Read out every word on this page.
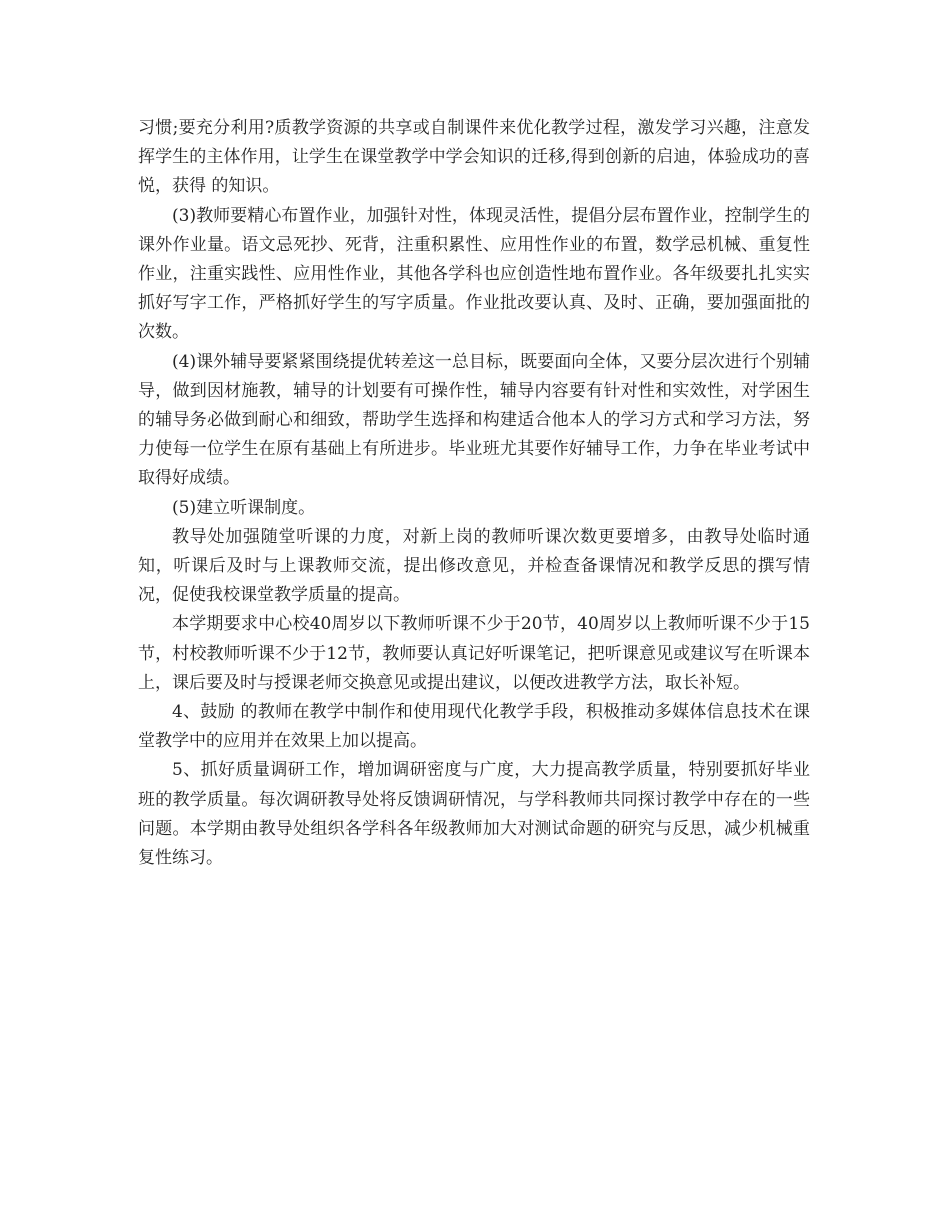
习惯;要充分利用?质教学资源的共享或自制课件来优化教学过程，激发学习兴趣，注意发挥学生的主体作用，让学生在课堂教学中学会知识的迁移,得到创新的启迪，体验成功的喜悦，获得 的知识。

(3)教师要精心布置作业，加强针对性，体现灵活性，提倡分层布置作业，控制学生的课外作业量。语文忌死抄、死背，注重积累性、应用性作业的布置，数学忌机械、重复性作业，注重实践性、应用性作业，其他各学科也应创造性地布置作业。各年级要扎扎实实抓好写字工作，严格抓好学生的写字质量。作业批改要认真、及时、正确，要加强面批的次数。

(4)课外辅导要紧紧围绕提优转差这一总目标，既要面向全体，又要分层次进行个别辅导，做到因材施教，辅导的计划要有可操作性，辅导内容要有针对性和实效性，对学困生的辅导务必做到耐心和细致，帮助学生选择和构建适合他本人的学习方式和学习方法，努力使每一位学生在原有基础上有所进步。毕业班尤其要作好辅导工作，力争在毕业考试中取得好成绩。

(5)建立听课制度。

教导处加强随堂听课的力度，对新上岗的教师听课次数更要增多，由教导处临时通知，听课后及时与上课教师交流，提出修改意见，并检查备课情况和教学反思的撰写情况，促使我校课堂教学质量的提高。

本学期要求中心校40周岁以下教师听课不少于20节，40周岁以上教师听课不少于15节，村校教师听课不少于12节，教师要认真记好听课笔记，把听课意见或建议写在听课本上，课后要及时与授课老师交换意见或提出建议，以便改进教学方法，取长补短。

4、鼓励 的教师在教学中制作和使用现代化教学手段，积极推动多媒体信息技术在课堂教学中的应用并在效果上加以提高。

5、抓好质量调研工作，增加调研密度与广度，大力提高教学质量，特别要抓好毕业班的教学质量。每次调研教导处将反馈调研情况，与学科教师共同探讨教学中存在的一些问题。本学期由教导处组织各学科各年级教师加大对测试命题的研究与反思，减少机械重复性练习。
